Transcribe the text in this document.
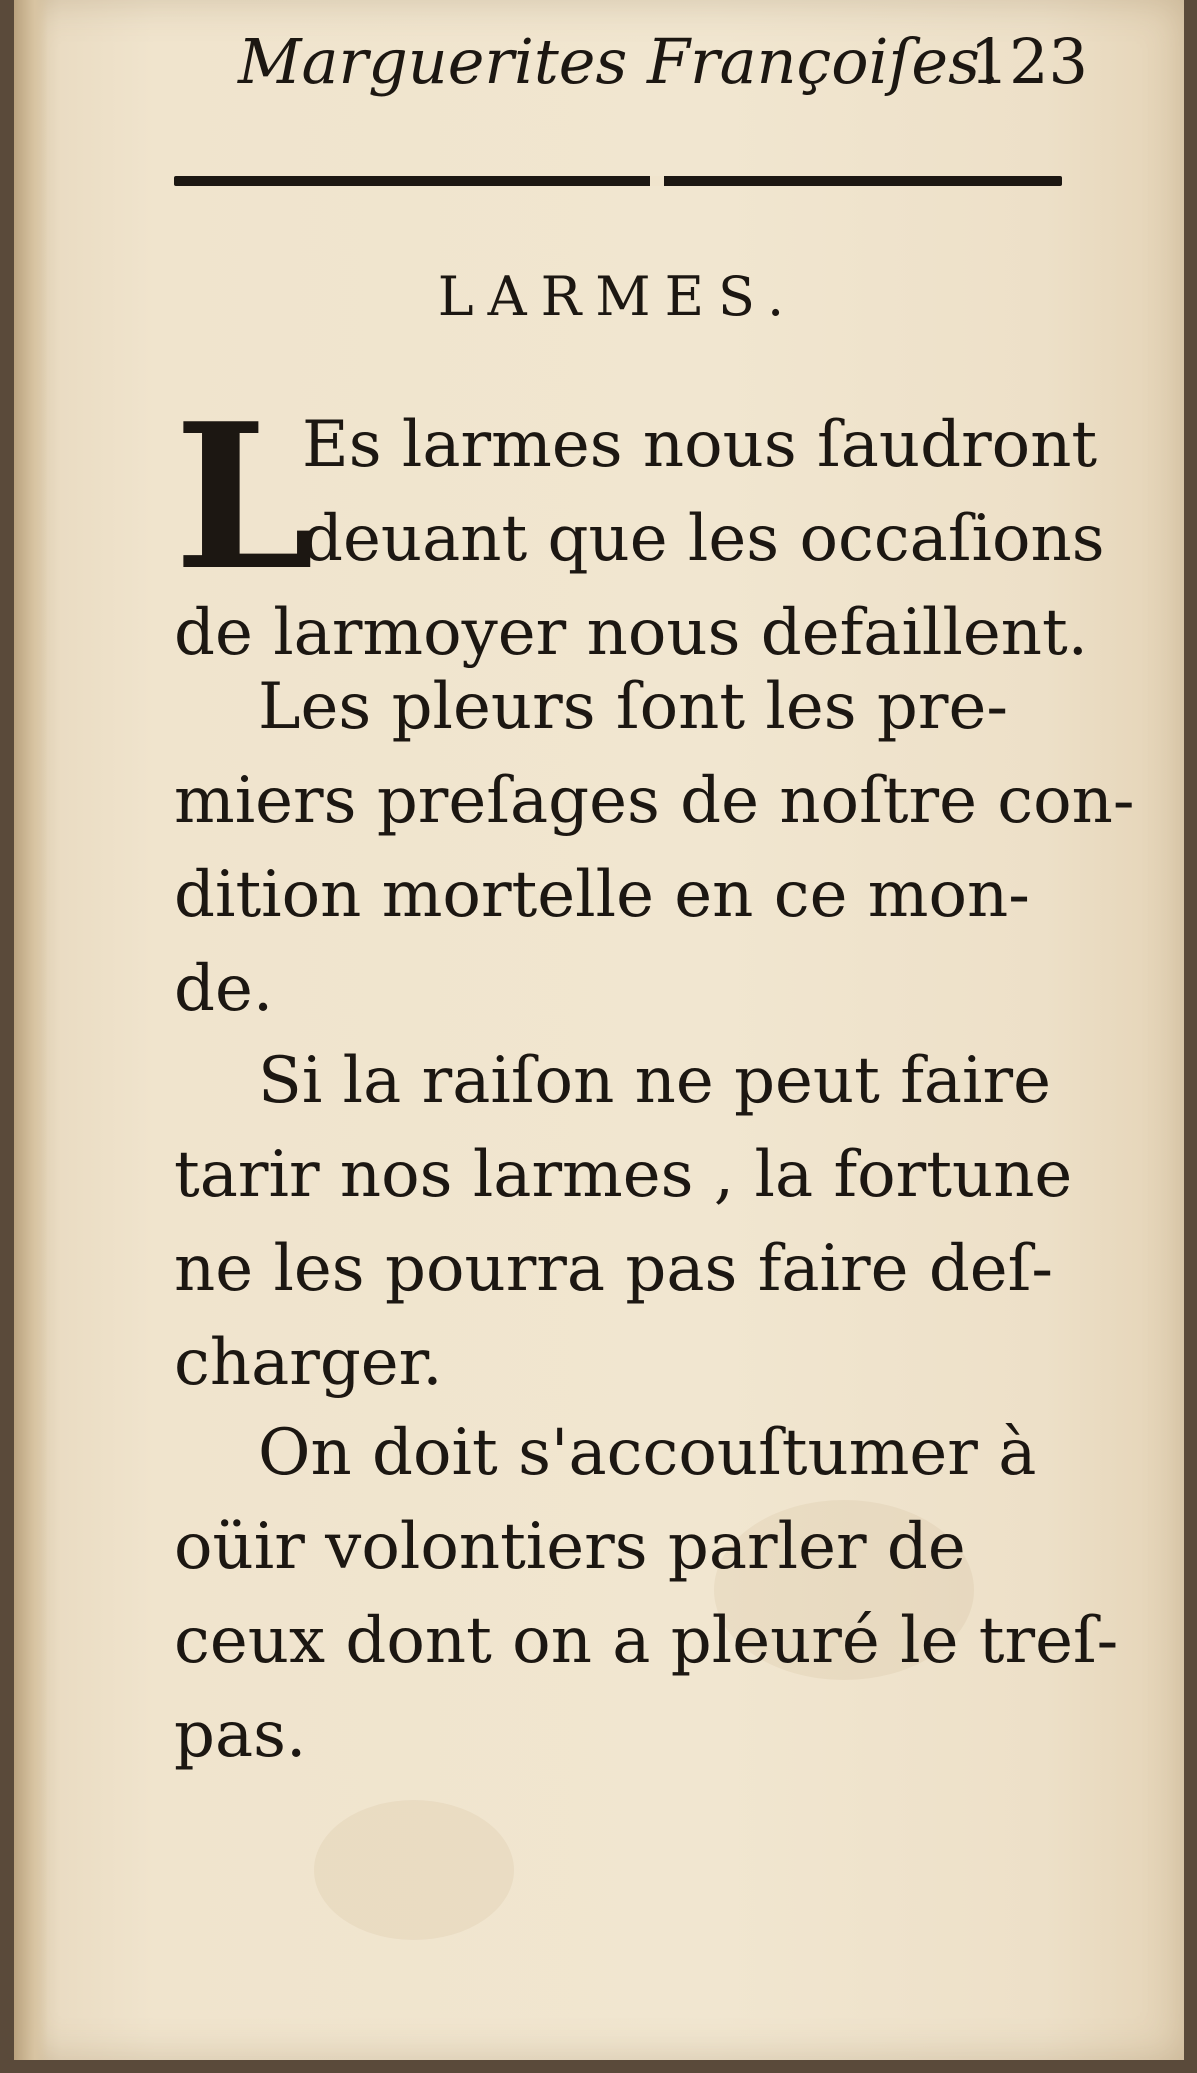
Marguerites Françoiſes.
123
LARMES.
L
Es larmes nous ſaudront
deuant que les occaſions
de larmoyer nous defaillent.
Les pleurs ſont les pre-
miers preſages de noſtre con-
dition mortelle en ce mon-
de.
Si la raiſon ne peut faire
tarir nos larmes , la fortune
ne les pourra pas faire deſ-
charger.
On doit s'accouſtumer à
oüir volontiers parler de
ceux dont on a pleuré le treſ-
pas.
